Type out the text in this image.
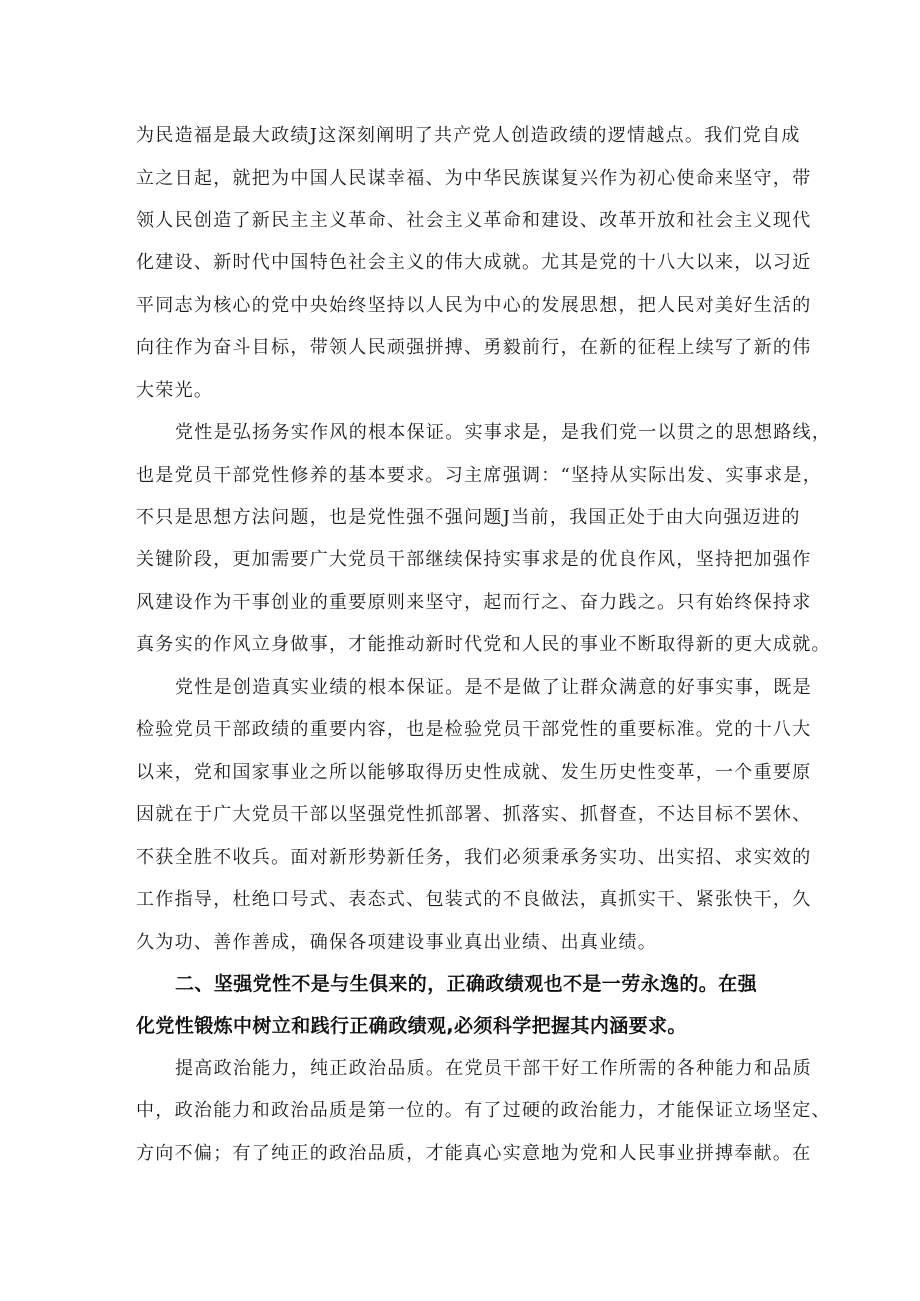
为民造福是最大政绩J这深刻阐明了共产党人创造政绩的逻情越点。我们党自成
立之日起，就把为中国人民谋幸福、为中华民族谋复兴作为初心使命来坚守，带
领人民创造了新民主主义革命、社会主义革命和建设、改革开放和社会主义现代
化建设、新时代中国特色社会主义的伟大成就。尤其是党的十八大以来，以习近
平同志为核心的党中央始终坚持以人民为中心的发展思想，把人民对美好生活的
向往作为奋斗目标，带领人民顽强拼搏、勇毅前行，在新的征程上续写了新的伟
大荣光。
党性是弘扬务实作风的根本保证。实事求是，是我们党一以贯之的思想路线，
也是党员干部党性修养的基本要求。习主席强调：“坚持从实际出发、实事求是，
不只是思想方法问题，也是党性强不强问题J当前，我国正处于由大向强迈进的
关键阶段，更加需要广大党员干部继续保持实事求是的优良作风，坚持把加强作
风建设作为干事创业的重要原则来坚守，起而行之、奋力践之。只有始终保持求
真务实的作风立身做事，才能推动新时代党和人民的事业不断取得新的更大成就。
党性是创造真实业绩的根本保证。是不是做了让群众满意的好事实事，既是
检验党员干部政绩的重要内容，也是检验党员干部党性的重要标准。党的十八大
以来，党和国家事业之所以能够取得历史性成就、发生历史性变革，一个重要原
因就在于广大党员干部以坚强党性抓部署、抓落实、抓督查，不达目标不罢休、
不获全胜不收兵。面对新形势新任务，我们必须秉承务实功、出实招、求实效的
工作指导，杜绝口号式、表态式、包装式的不良做法，真抓实干、紧张快干，久
久为功、善作善成，确保各项建设事业真出业绩、出真业绩。
二、坚强党性不是与生俱来的，正确政绩观也不是一劳永逸的。在强
化党性锻炼中树立和践行正确政绩观,必须科学把握其内涵要求。
提高政治能力，纯正政治品质。在党员干部干好工作所需的各种能力和品质
中，政治能力和政治品质是第一位的。有了过硬的政治能力，才能保证立场坚定、
方向不偏；有了纯正的政治品质，才能真心实意地为党和人民事业拼搏奉献。在
